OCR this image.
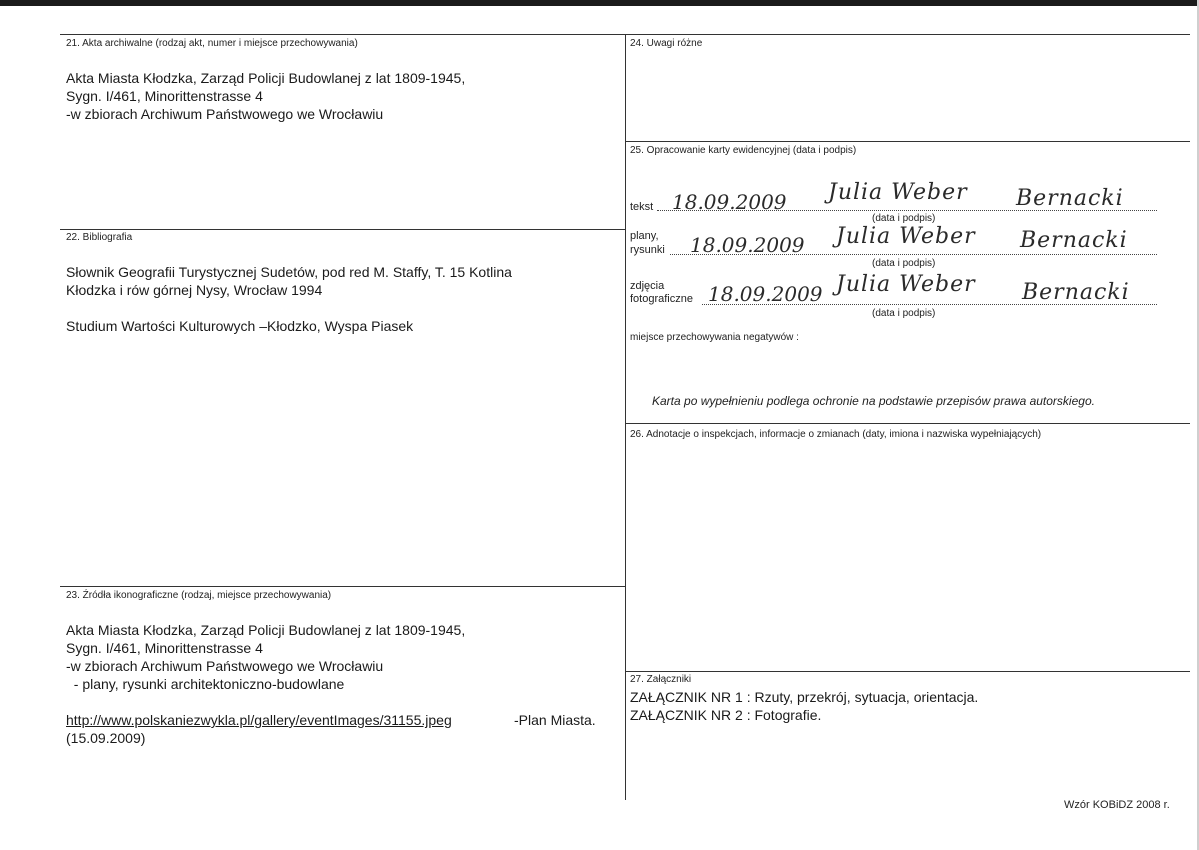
21. Akta archiwalne (rodzaj akt, numer i miejsce przechowywania)
Akta Miasta Kłodzka, Zarząd Policji Budowlanej z lat 1809-1945,
Sygn. I/461, Minorittenstrasse 4
-w zbiorach Archiwum Państwowego we Wrocławiu
22. Bibliografia
Słownik Geografii Turystycznej Sudetów, pod red M. Staffy, T. 15 Kotlina
Kłodzka i rów górnej Nysy, Wrocław 1994
Studium Wartości Kulturowych –Kłodzko, Wyspa Piasek
23. Źródła ikonograficzne (rodzaj, miejsce przechowywania)
Akta Miasta Kłodzka, Zarząd Policji Budowlanej z lat 1809-1945,
Sygn. I/461, Minorittenstrasse 4
-w zbiorach Archiwum Państwowego we Wrocławiu
- plany, rysunki architektoniczno-budowlane
http://www.polskaniezwykla.pl/gallery/eventImages/31155.jpeg	-Plan Miasta.
(15.09.2009)
24. Uwagi różne
25. Opracowanie karty ewidencyjnej (data i podpis)
tekst 18.09.2009 Julia Weber Bernacki
(data i podpis)
plany,
rysunki 18.09.2009 Julia Weber Bernacki
(data i podpis)
zdjęcia
fotograficzne 18.09.2009 Julia Weber Bernacki
(data i podpis)
miejsce przechowywania negatywów :
Karta po wypełnieniu podlega ochronie na podstawie przepisów prawa autorskiego.
26. Adnotacje o inspekcjach, informacje o zmianach (daty, imiona i nazwiska wypełniających)
27. Załączniki
ZAŁĄCZNIK NR 1 : Rzuty, przekrój, sytuacja, orientacja.
ZAŁĄCZNIK NR 2 : Fotografie.
Wzór KOBiDZ 2008 r.
